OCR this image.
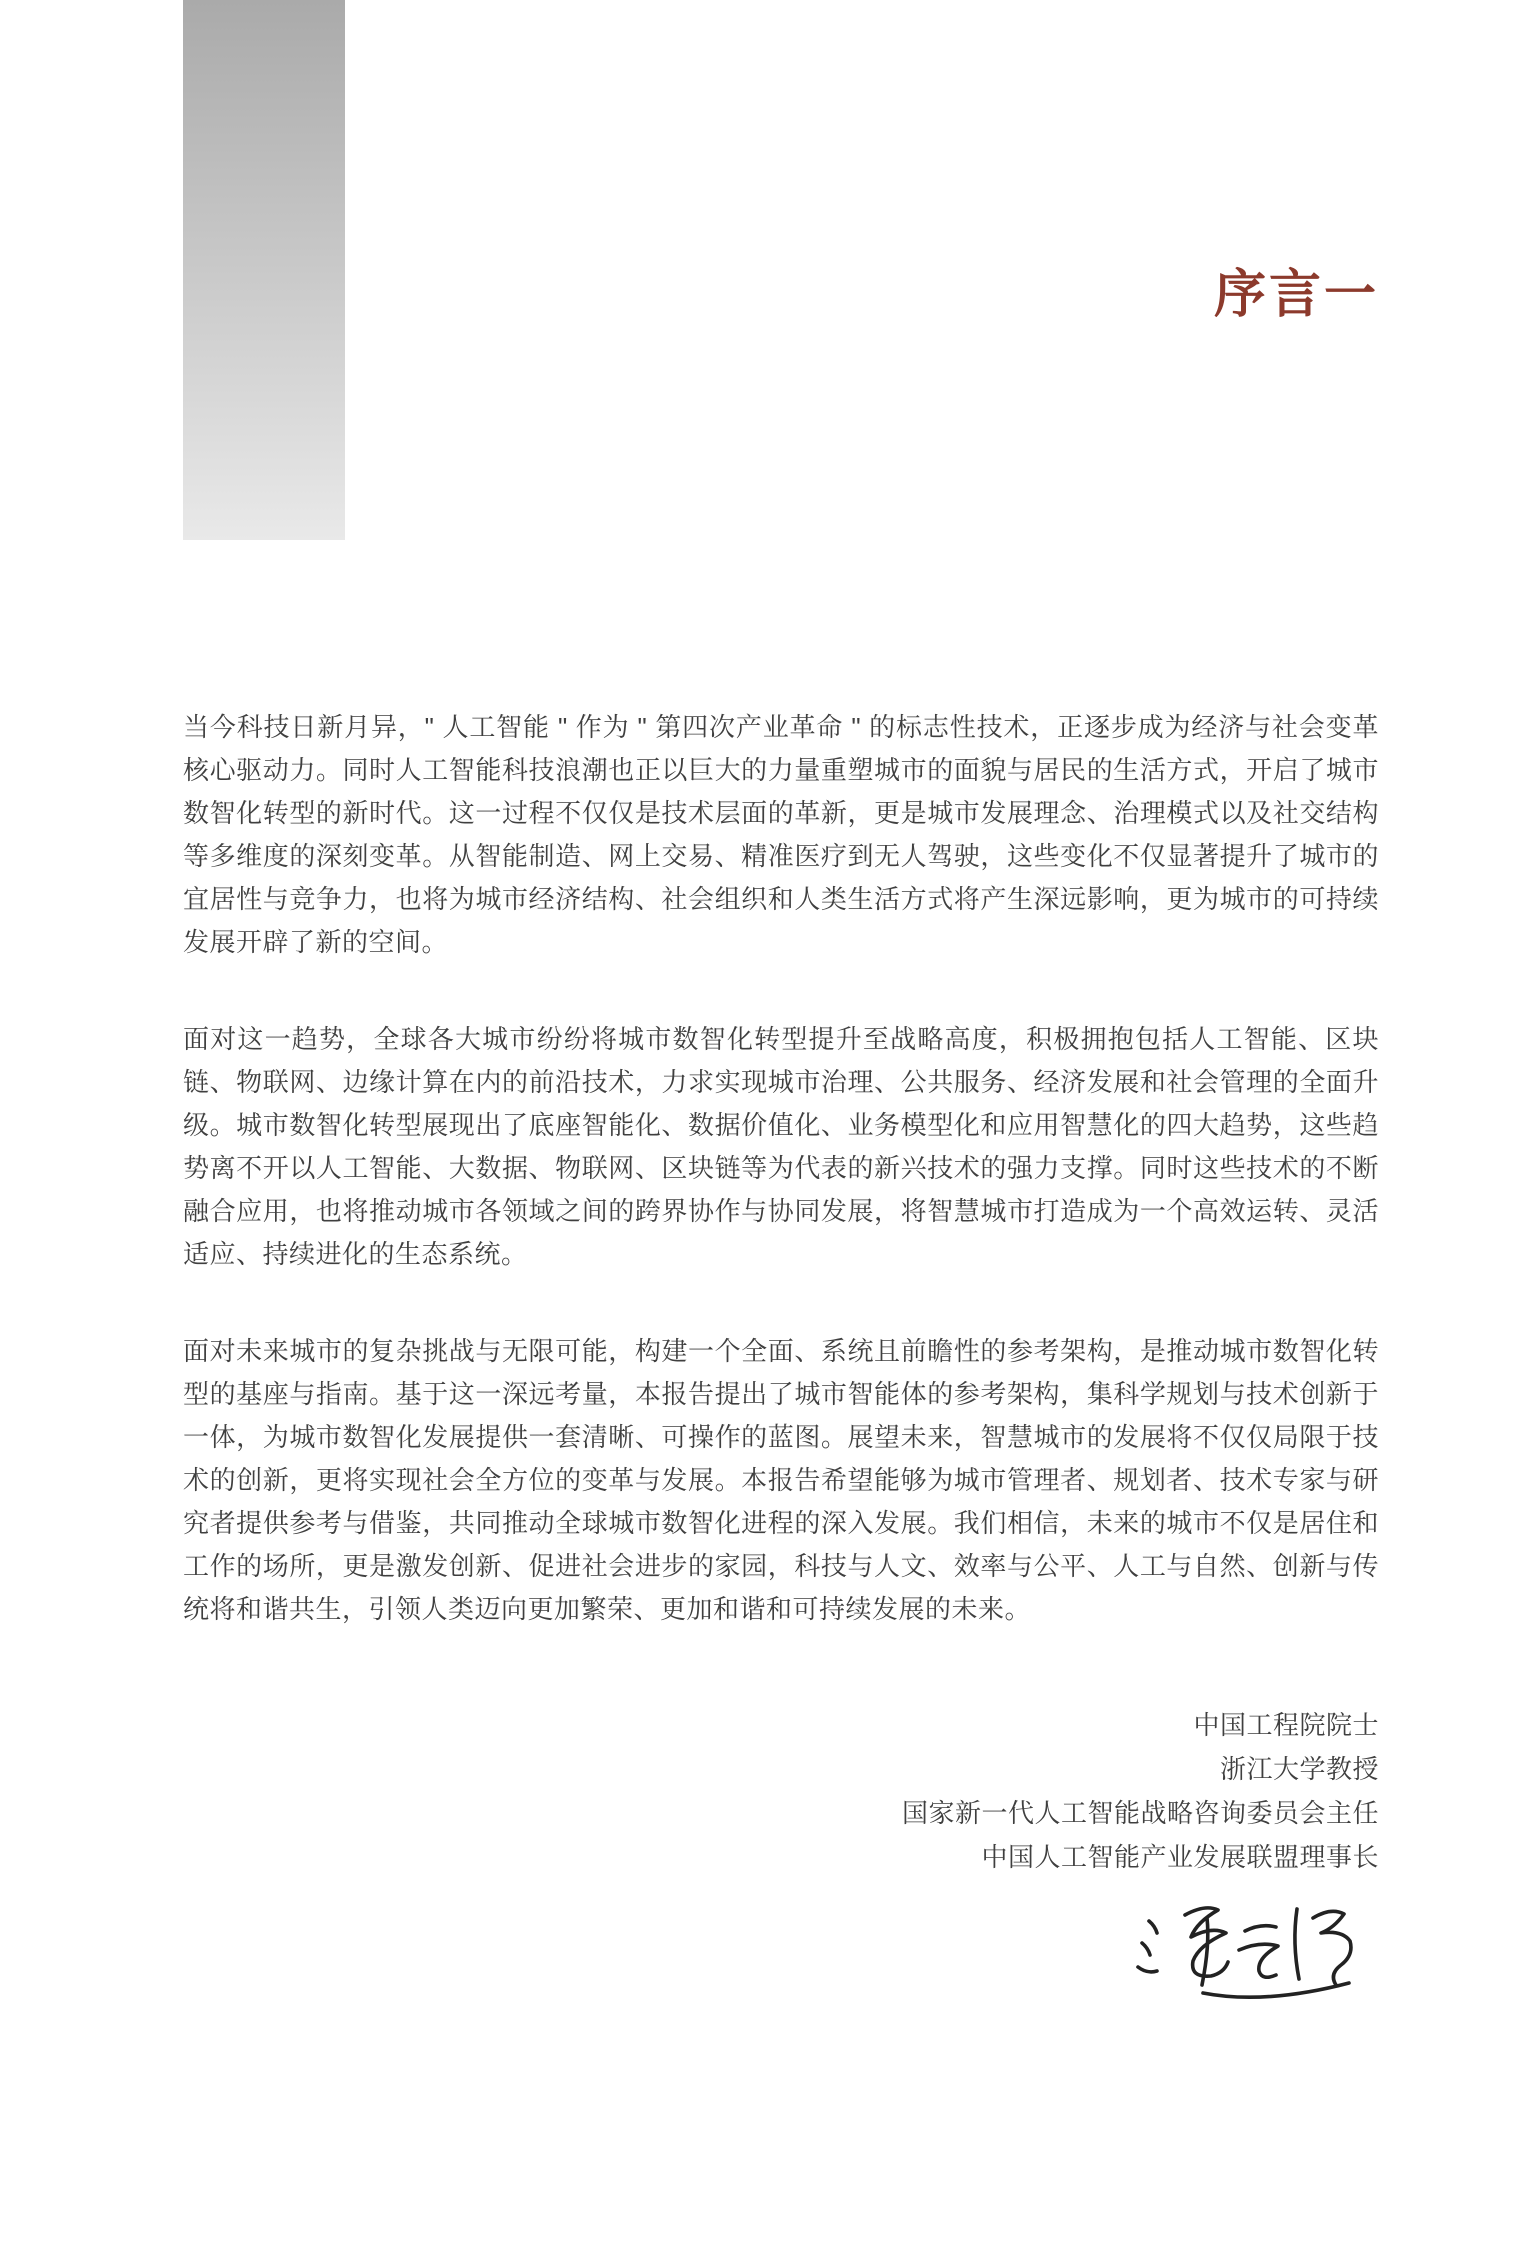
序言一

当今科技日新月异，" 人工智能 " 作为 " 第四次产业革命 " 的标志性技术，正逐步成为经济与社会变革核心驱动力。同时人工智能科技浪潮也正以巨大的力量重塑城市的面貌与居民的生活方式，开启了城市数智化转型的新时代。这一过程不仅仅是技术层面的革新，更是城市发展理念、治理模式以及社交结构等多维度的深刻变革。从智能制造、网上交易、精准医疗到无人驾驶，这些变化不仅显著提升了城市的宜居性与竞争力，也将为城市经济结构、社会组织和人类生活方式将产生深远影响，更为城市的可持续发展开辟了新的空间。

面对这一趋势，全球各大城市纷纷将城市数智化转型提升至战略高度，积极拥抱包括人工智能、区块链、物联网、边缘计算在内的前沿技术，力求实现城市治理、公共服务、经济发展和社会管理的全面升级。城市数智化转型展现出了底座智能化、数据价值化、业务模型化和应用智慧化的四大趋势，这些趋势离不开以人工智能、大数据、物联网、区块链等为代表的新兴技术的强力支撑。同时这些技术的不断融合应用，也将推动城市各领域之间的跨界协作与协同发展，将智慧城市打造成为一个高效运转、灵活适应、持续进化的生态系统。

面对未来城市的复杂挑战与无限可能，构建一个全面、系统且前瞻性的参考架构，是推动城市数智化转型的基座与指南。基于这一深远考量，本报告提出了城市智能体的参考架构，集科学规划与技术创新于一体，为城市数智化发展提供一套清晰、可操作的蓝图。展望未来，智慧城市的发展将不仅仅局限于技术的创新，更将实现社会全方位的变革与发展。本报告希望能够为城市管理者、规划者、技术专家与研究者提供参考与借鉴，共同推动全球城市数智化进程的深入发展。我们相信，未来的城市不仅是居住和工作的场所，更是激发创新、促进社会进步的家园，科技与人文、效率与公平、人工与自然、创新与传统将和谐共生，引领人类迈向更加繁荣、更加和谐和可持续发展的未来。

中国工程院院士
浙江大学教授
国家新一代人工智能战略咨询委员会主任
中国人工智能产业发展联盟理事长
